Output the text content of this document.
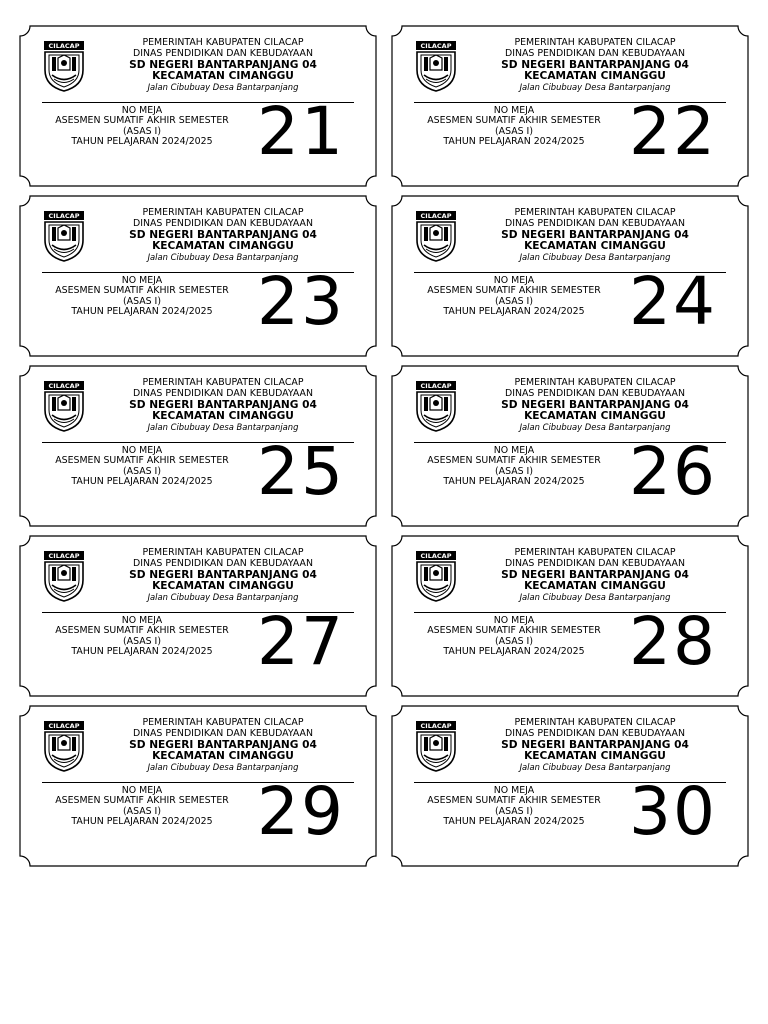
CILACAP	PEMERINTAH KABUPATEN CILACAP
DINAS PENDIDIKAN DAN KEBUDAYAAN
SD NEGERI BANTARPANJANG 04
KECAMATAN CIMANGGU
Jalan Cibubuay Desa Bantarpanjang
NO MEJA
ASESMEN SUMATIF AKHIR SEMESTER
(ASAS I)
TAHUN PELAJARAN 2024/2025 21
CILACAP	PEMERINTAH KABUPATEN CILACAP
DINAS PENDIDIKAN DAN KEBUDAYAAN
SD NEGERI BANTARPANJANG 04
KECAMATAN CIMANGGU
Jalan Cibubuay Desa Bantarpanjang
NO MEJA
ASESMEN SUMATIF AKHIR SEMESTER
(ASAS I)
TAHUN PELAJARAN 2024/2025 22
CILACAP	PEMERINTAH KABUPATEN CILACAP
DINAS PENDIDIKAN DAN KEBUDAYAAN
SD NEGERI BANTARPANJANG 04
KECAMATAN CIMANGGU
Jalan Cibubuay Desa Bantarpanjang
NO MEJA
ASESMEN SUMATIF AKHIR SEMESTER
(ASAS I)
TAHUN PELAJARAN 2024/2025 23
CILACAP	PEMERINTAH KABUPATEN CILACAP
DINAS PENDIDIKAN DAN KEBUDAYAAN
SD NEGERI BANTARPANJANG 04
KECAMATAN CIMANGGU
Jalan Cibubuay Desa Bantarpanjang
NO MEJA
ASESMEN SUMATIF AKHIR SEMESTER
(ASAS I)
TAHUN PELAJARAN 2024/2025 24
CILACAP	PEMERINTAH KABUPATEN CILACAP
DINAS PENDIDIKAN DAN KEBUDAYAAN
SD NEGERI BANTARPANJANG 04
KECAMATAN CIMANGGU
Jalan Cibubuay Desa Bantarpanjang
NO MEJA
ASESMEN SUMATIF AKHIR SEMESTER
(ASAS I)
TAHUN PELAJARAN 2024/2025 25
CILACAP	PEMERINTAH KABUPATEN CILACAP
DINAS PENDIDIKAN DAN KEBUDAYAAN
SD NEGERI BANTARPANJANG 04
KECAMATAN CIMANGGU
Jalan Cibubuay Desa Bantarpanjang
NO MEJA
ASESMEN SUMATIF AKHIR SEMESTER
(ASAS I)
TAHUN PELAJARAN 2024/2025 26
CILACAP	PEMERINTAH KABUPATEN CILACAP
DINAS PENDIDIKAN DAN KEBUDAYAAN
SD NEGERI BANTARPANJANG 04
KECAMATAN CIMANGGU
Jalan Cibubuay Desa Bantarpanjang
NO MEJA
ASESMEN SUMATIF AKHIR SEMESTER
(ASAS I)
TAHUN PELAJARAN 2024/2025 27
CILACAP	PEMERINTAH KABUPATEN CILACAP
DINAS PENDIDIKAN DAN KEBUDAYAAN
SD NEGERI BANTARPANJANG 04
KECAMATAN CIMANGGU
Jalan Cibubuay Desa Bantarpanjang
NO MEJA
ASESMEN SUMATIF AKHIR SEMESTER
(ASAS I)
TAHUN PELAJARAN 2024/2025 28
CILACAP	PEMERINTAH KABUPATEN CILACAP
DINAS PENDIDIKAN DAN KEBUDAYAAN
SD NEGERI BANTARPANJANG 04
KECAMATAN CIMANGGU
Jalan Cibubuay Desa Bantarpanjang
NO MEJA
ASESMEN SUMATIF AKHIR SEMESTER
(ASAS I)
TAHUN PELAJARAN 2024/2025 29
CILACAP	PEMERINTAH KABUPATEN CILACAP
DINAS PENDIDIKAN DAN KEBUDAYAAN
SD NEGERI BANTARPANJANG 04
KECAMATAN CIMANGGU
Jalan Cibubuay Desa Bantarpanjang
NO MEJA
ASESMEN SUMATIF AKHIR SEMESTER
(ASAS I)
TAHUN PELAJARAN 2024/2025 30
